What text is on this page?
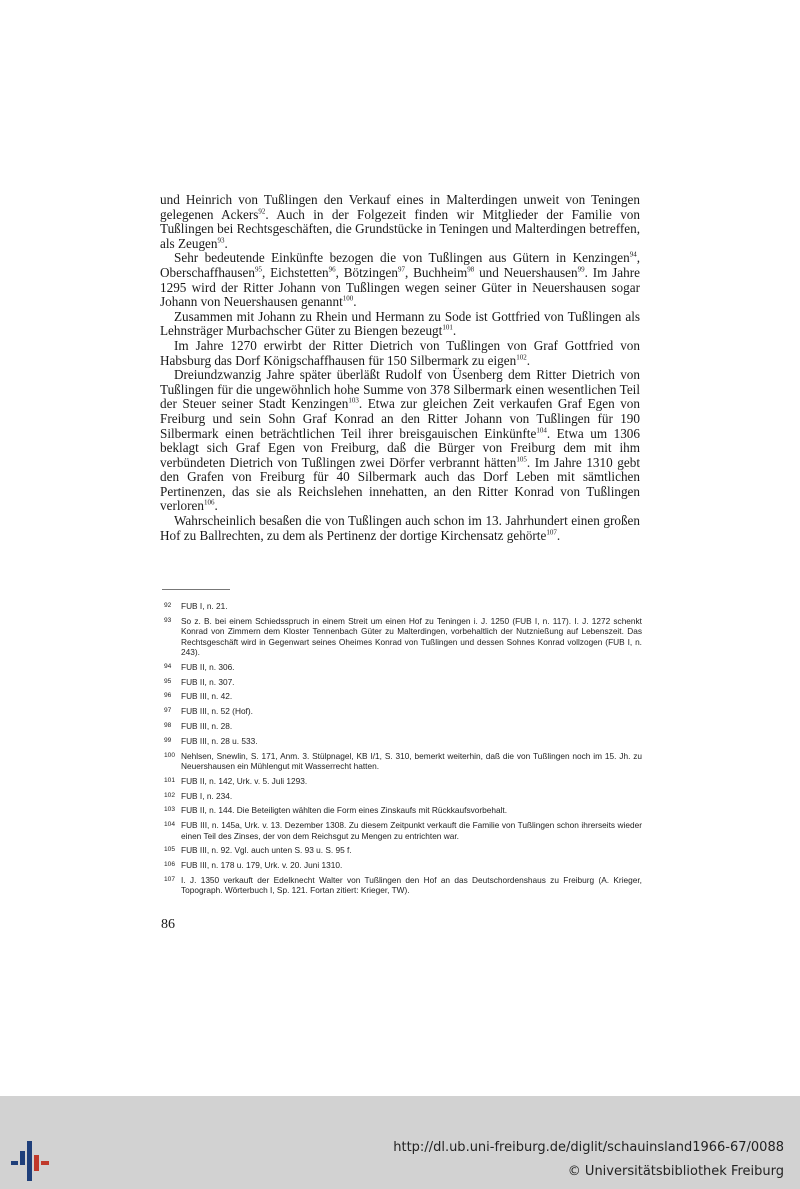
und Heinrich von Tußlingen den Verkauf eines in Malterdingen unweit von Teningen gelegenen Ackers$^{92}$. Auch in der Folgezeit finden wir Mitglieder der Familie von Tußlingen bei Rechtsgeschäften, die Grundstücke in Teningen und Malterdingen betreffen, als Zeugen$^{93}$.

Sehr bedeutende Einkünfte bezogen die von Tußlingen aus Gütern in Kenzingen$^{94}$, Oberschaffhausen$^{95}$, Eichstetten$^{96}$, Bötzingen$^{97}$, Buchheim$^{98}$ und Neuershausen$^{99}$. Im Jahre 1295 wird der Ritter Johann von Tußlingen wegen seiner Güter in Neuershausen sogar Johann von Neuershausen genannt$^{100}$.

Zusammen mit Johann zu Rhein und Hermann zu Sode ist Gottfried von Tußlingen als Lehnsträger Murbachscher Güter zu Biengen bezeugt$^{101}$.

Im Jahre 1270 erwirbt der Ritter Dietrich von Tußlingen von Graf Gottfried von Habsburg das Dorf Königschaffhausen für 150 Silbermark zu eigen$^{102}$.

Dreiundzwanzig Jahre später überläßt Rudolf von Üsenberg dem Ritter Dietrich von Tußlingen für die ungewöhnlich hohe Summe von 378 Silbermark einen wesentlichen Teil der Steuer seiner Stadt Kenzingen$^{103}$. Etwa zur gleichen Zeit verkaufen Graf Egen von Freiburg und sein Sohn Graf Konrad an den Ritter Johann von Tußlingen für 190 Silbermark einen beträchtlichen Teil ihrer breisgauischen Einkünfte$^{104}$. Etwa um 1306 beklagt sich Graf Egen von Freiburg, daß die Bürger von Freiburg dem mit ihm verbündeten Dietrich von Tußlingen zwei Dörfer verbrannt hätten$^{105}$. Im Jahre 1310 gebt den Grafen von Freiburg für 40 Silbermark auch das Dorf Leben mit sämtlichen Pertinenzen, das sie als Reichslehen innehatten, an den Ritter Konrad von Tußlingen verloren$^{106}$.

Wahrscheinlich besaßen die von Tußlingen auch schon im 13. Jahrhundert einen großen Hof zu Ballrechten, zu dem als Pertinenz der dortige Kirchensatz gehörte$^{107}$.

92	FUB I, n. 21.
93	So z. B. bei einem Schiedsspruch in einem Streit um einen Hof zu Teningen i. J. 1250 (FUB I, n. 117). I. J. 1272 schenkt Konrad von Zimmern dem Kloster Tennenbach Güter zu Malterdingen, vorbehaltlich der Nutznießung auf Lebenszeit. Das Rechtsgeschäft wird in Gegenwart seines Oheimes Konrad von Tußlingen und dessen Sohnes Konrad vollzogen (FUB I, n. 243).
94	FUB II, n. 306.
95	FUB II, n. 307.
96	FUB III, n. 42.
97	FUB III, n. 52 (Hof).
98	FUB III, n. 28.
99	FUB III, n. 28 u. 533.
100 Nehlsen, Snewlin, S. 171, Anm. 3. Stülpnagel, KB I/1, S. 310, bemerkt weiterhin, daß die von Tußlingen noch im 15. Jh. zu Neuershausen ein Mühlengut mit Wasserrecht hatten.
101 FUB II, n. 142, Urk. v. 5. Juli 1293.
102 FUB I, n. 234.
103 FUB II, n. 144. Die Beteiligten wählten die Form eines Zinskaufs mit Rückkaufsvorbehalt.
104 FUB III, n. 145a, Urk. v. 13. Dezember 1308. Zu diesem Zeitpunkt verkauft die Familie von Tußlingen schon ihrerseits wieder einen Teil des Zinses, der von dem Reichsgut zu Mengen zu entrichten war.
105 FUB III, n. 92. Vgl. auch unten S. 93 u. S. 95 f.
106 FUB III, n. 178 u. 179, Urk. v. 20. Juni 1310.
107 I. J. 1350 verkauft der Edelknecht Walter von Tußlingen den Hof an das Deutschordenshaus zu Freiburg (A. Krieger, Topograph. Wörterbuch I, Sp. 121. Fortan zitiert: Krieger, TW).
86
http://dl.ub.uni-freiburg.de/diglit/schauinsland1966-67/0088
© Universitätsbibliothek Freiburg
